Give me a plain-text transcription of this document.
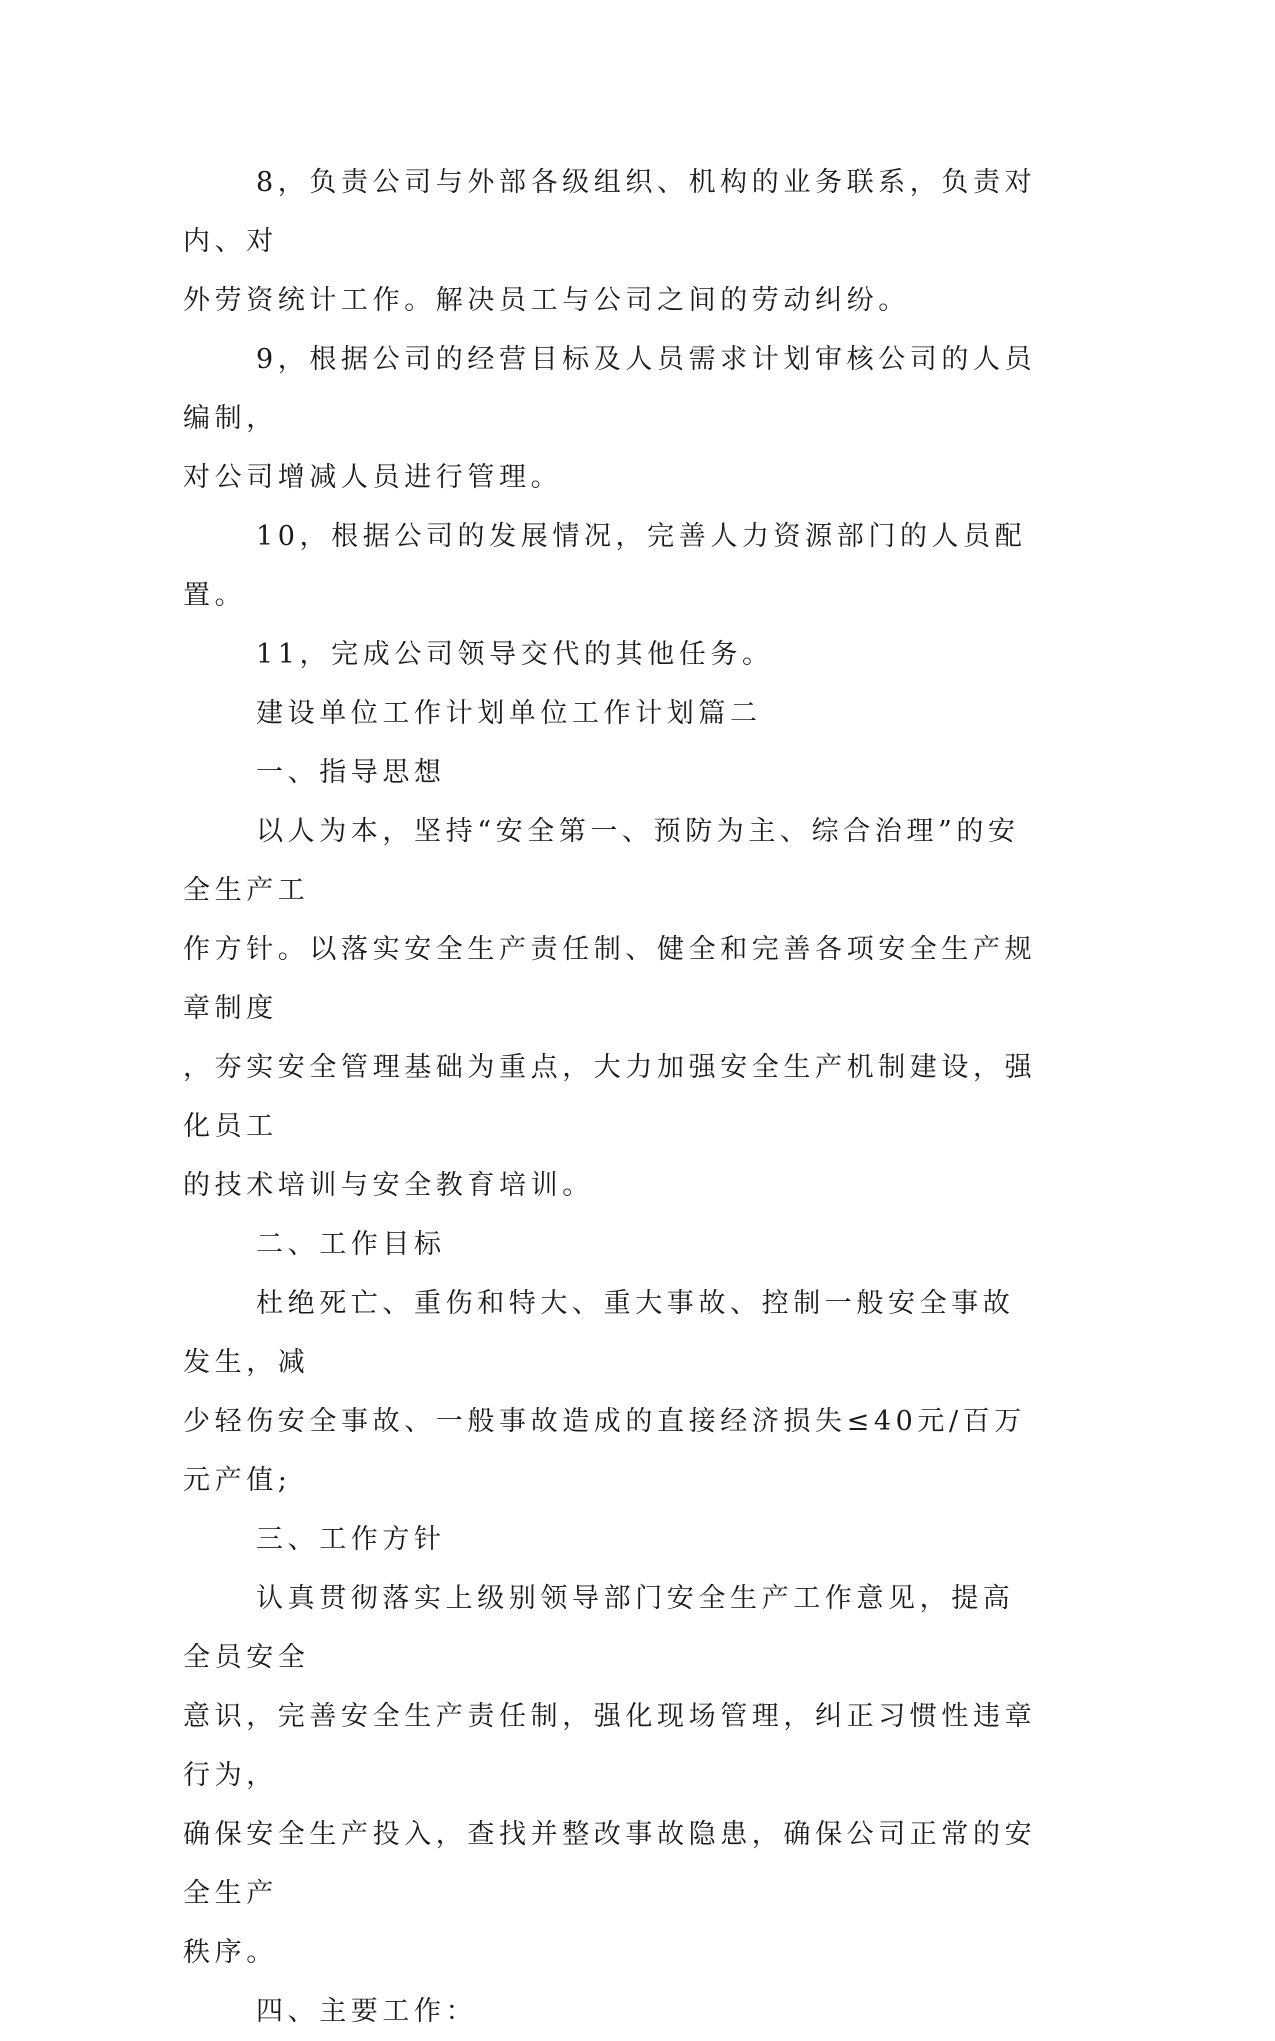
8，负责公司与外部各级组织、机构的业务联系，负责对内、对
外劳资统计工作。解决员工与公司之间的劳动纠纷。

9，根据公司的经营目标及人员需求计划审核公司的人员编制，
对公司增减人员进行管理。

10，根据公司的发展情况，完善人力资源部门的人员配置。

11，完成公司领导交代的其他任务。

建设单位工作计划单位工作计划篇二

一、指导思想

以人为本，坚持“安全第一、预防为主、综合治理”的安全生产工
作方针。以落实安全生产责任制、健全和完善各项安全生产规章制度
，夯实安全管理基础为重点，大力加强安全生产机制建设，强化员工
的技术培训与安全教育培训。

二、工作目标

杜绝死亡、重伤和特大、重大事故、控制一般安全事故发生，减
少轻伤安全事故、一般事故造成的直接经济损失≤40元/百万元产值;

三、工作方针

认真贯彻落实上级别领导部门安全生产工作意见，提高全员安全
意识，完善安全生产责任制，强化现场管理，纠正习惯性违章行为，
确保安全生产投入，查找并整改事故隐患，确保公司正常的安全生产
秩序。

四、主要工作：
